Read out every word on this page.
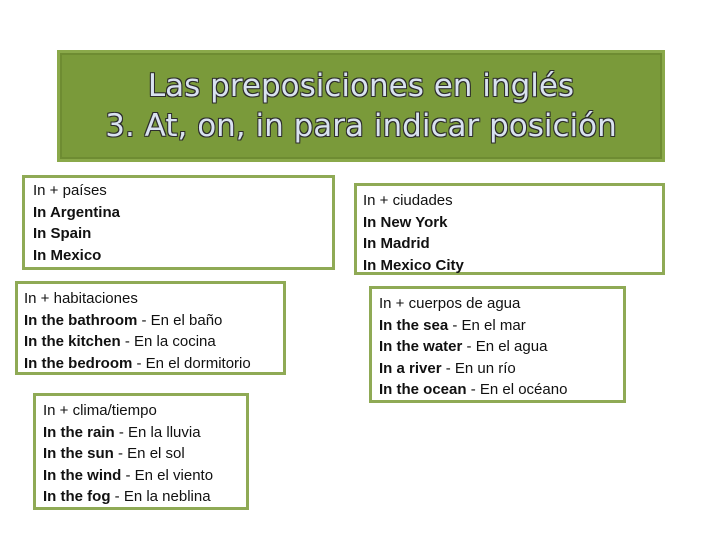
Las preposiciones en inglés
3. At, on, in para indicar posición
In + países
In Argentina
In Spain
In Mexico
In + ciudades
In New York
In Madrid
In Mexico City
In + habitaciones
In the bathroom - En el baño
In the kitchen - En la cocina
In the bedroom - En el dormitorio
In + cuerpos de agua
In the sea - En el mar
In the water - En el agua
In a river - En un río
In the ocean - En el océano
In + clima/tiempo
In the rain - En la lluvia
In the sun - En el sol
In the wind - En el viento
In the fog - En la neblina
